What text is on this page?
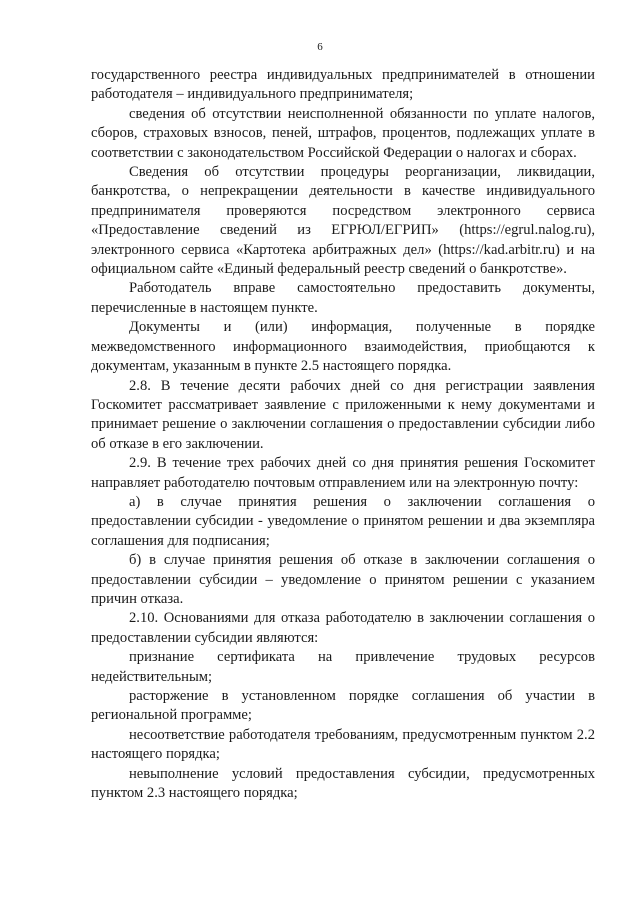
6

государственного реестра индивидуальных предпринимателей в отношении работодателя – индивидуального предпринимателя;

сведения об отсутствии неисполненной обязанности по уплате налогов, сборов, страховых взносов, пеней, штрафов, процентов, подлежащих уплате в соответствии с законодательством Российской Федерации о налогах и сборах.

Сведения об отсутствии процедуры реорганизации, ликвидации, банкротства, о непрекращении деятельности в качестве индивидуального предпринимателя проверяются посредством электронного сервиса «Предоставление сведений из ЕГРЮЛ/ЕГРИП» (https://egrul.nalog.ru), электронного сервиса «Картотека арбитражных дел» (https://kad.arbitr.ru) и на официальном сайте «Единый федеральный реестр сведений о банкротстве».

Работодатель вправе самостоятельно предоставить документы, перечисленные в настоящем пункте.

Документы и (или) информация, полученные в порядке межведомственного информационного взаимодействия, приобщаются к документам, указанным в пункте 2.5 настоящего порядка.

2.8. В течение десяти рабочих дней со дня регистрации заявления Госкомитет рассматривает заявление с приложенными к нему документами и принимает решение о заключении соглашения о предоставлении субсидии либо об отказе в его заключении.

2.9. В течение трех рабочих дней со дня принятия решения Госкомитет направляет работодателю почтовым отправлением или на электронную почту:

а) в случае принятия решения о заключении соглашения о предоставлении субсидии - уведомление о принятом решении и два экземпляра соглашения для подписания;

б) в случае принятия решения об отказе в заключении соглашения о предоставлении субсидии – уведомление о принятом решении с указанием причин отказа.

2.10. Основаниями для отказа работодателю в заключении соглашения о предоставлении субсидии являются:

признание сертификата на привлечение трудовых ресурсов недействительным;

расторжение в установленном порядке соглашения об участии в региональной программе;

несоответствие работодателя требованиям, предусмотренным пунктом 2.2 настоящего порядка;

невыполнение условий предоставления субсидии, предусмотренных пунктом 2.3 настоящего порядка;
